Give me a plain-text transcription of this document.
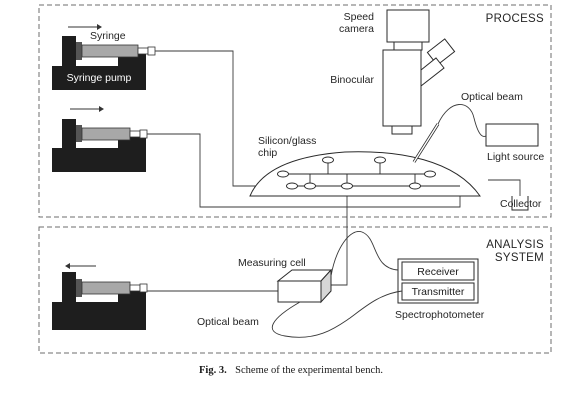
PROCESS
ANALYSIS
SYSTEM
Syringe pump
Syringe
Silicon/glass
chip
Speed
camera
Binocular
Optical beam
Light source
Collector
Measuring cell
Receiver
Transmitter
Spectrophotometer
Optical beam
Fig. 3. Scheme of the experimental bench.
